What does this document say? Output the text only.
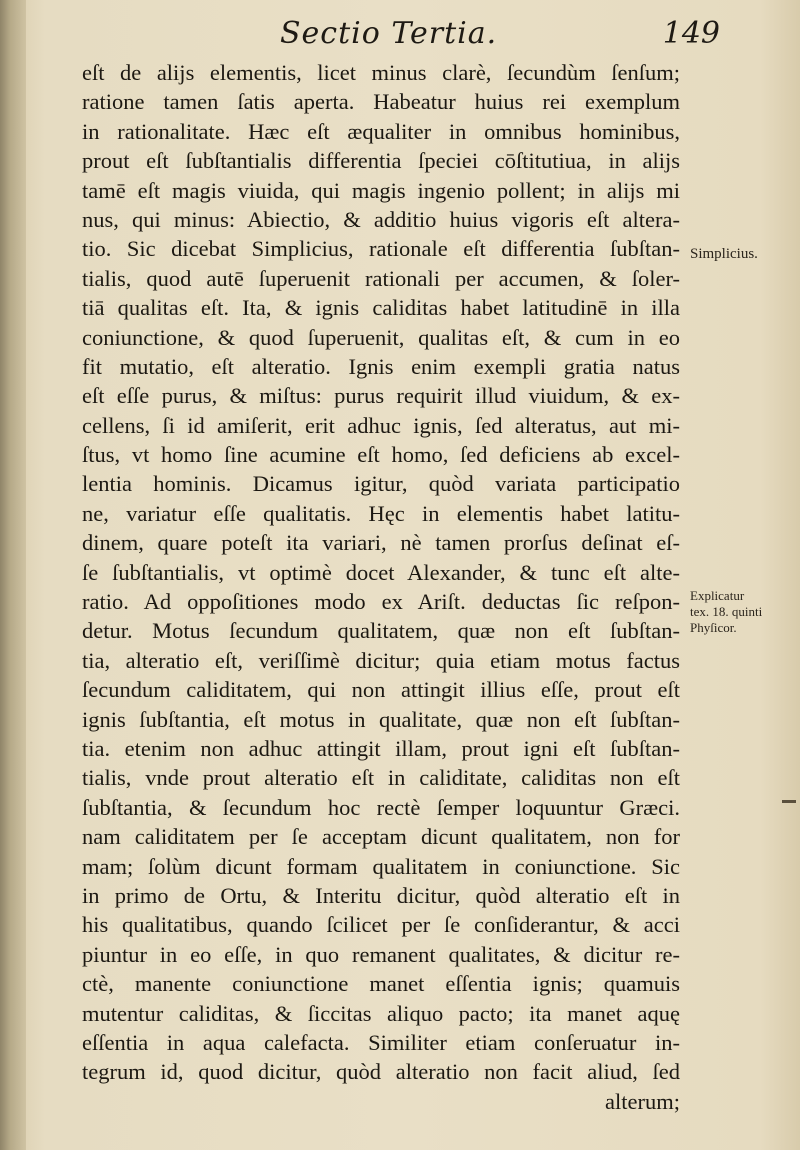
Sectio Tertia.	149
eſt de alijs elementis, licet minus clarè, ſecundùm ſenſum;
ratione tamen ſatis aperta. Habeatur huius rei exemplum
in rationalitate. Hæc eſt æqualiter in omnibus hominibus,
prout eſt ſubſtantialis differentia ſpeciei cōſtitutiua, in alijs
tamē eſt magis viuida, qui magis ingenio pollent; in alijs mi
nus, qui minus: Abiectio, & additio huius vigoris eſt altera-
tio. Sic dicebat Simplicius, rationale eſt differentia ſubſtan-
tialis, quod autē ſuperuenit rationali per accumen, & ſoler-
tiā qualitas eſt. Ita, & ignis caliditas habet latitudinē in illa
coniunctione, & quod ſuperuenit, qualitas eſt, & cum in eo
fit mutatio, eſt alteratio. Ignis enim exempli gratia natus
eſt eſſe purus, & miſtus: purus requirit illud viuidum, & ex-
cellens, ſi id amiſerit, erit adhuc ignis, ſed alteratus, aut mi-
ſtus, vt homo ſine acumine eſt homo, ſed deficiens ab excel-
lentia hominis. Dicamus igitur, quòd variata participatio
ne, variatur eſſe qualitatis. Hęc in elementis habet latitu-
dinem, quare poteſt ita variari, nè tamen prorſus deſinat eſ-
ſe ſubſtantialis, vt optimè docet Alexander, & tunc eſt alte-
ratio. Ad oppoſitiones modo ex Ariſt. deductas ſic reſpon-
detur. Motus ſecundum qualitatem, quæ non eſt ſubſtan-
tia, alteratio eſt, veriſſimè dicitur; quia etiam motus factus
ſecundum caliditatem, qui non attingit illius eſſe, prout eſt
ignis ſubſtantia, eſt motus in qualitate, quæ non eſt ſubſtan-
tia. etenim non adhuc attingit illam, prout igni eſt ſubſtan-
tialis, vnde prout alteratio eſt in caliditate, caliditas non eſt
ſubſtantia, & ſecundum hoc rectè ſemper loquuntur Græci.
nam caliditatem per ſe acceptam dicunt qualitatem, non for
mam; ſolùm dicunt formam qualitatem in coniunctione. Sic
in primo de Ortu, & Interitu dicitur, quòd alteratio eſt in
his qualitatibus, quando ſcilicet per ſe conſiderantur, & acci
piuntur in eo eſſe, in quo remanent qualitates, & dicitur re-
ctè, manente coniunctione manet eſſentia ignis; quamuis
mutentur caliditas, & ſiccitas aliquo pacto; ita manet aquę
eſſentia in aqua calefacta. Similiter etiam conſeruatur in-
tegrum id, quod dicitur, quòd alteratio non facit aliud, ſed
alterum;
Simplicius.
Explicatur
tex. 18. quinti
Phyſicor.
